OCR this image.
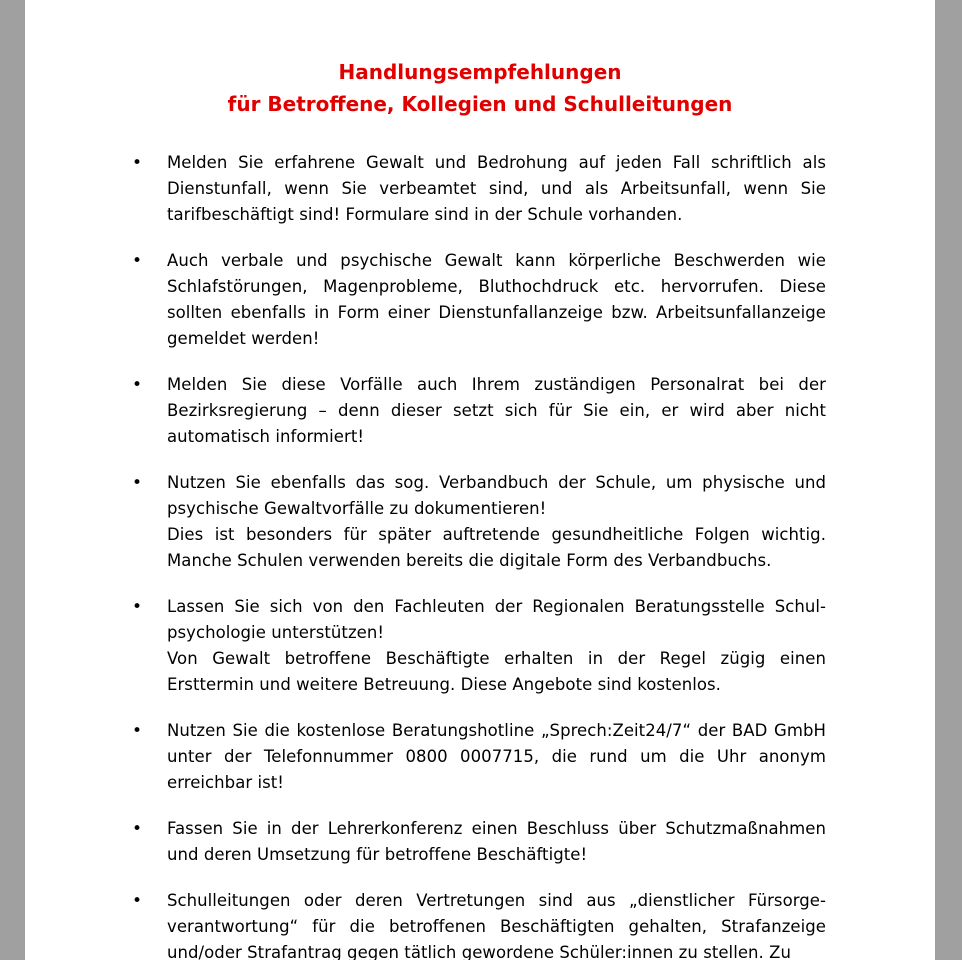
Handlungsempfehlungen
für Betroffene, Kollegien und Schulleitungen
• Melden Sie erfahrene Gewalt und Bedrohung auf jeden Fall schriftlich als Dienstunfall, wenn Sie verbeamtet sind, und als Arbeitsunfall, wenn Sie tarifbeschäftigt sind! Formulare sind in der Schule vorhanden.

• Auch verbale und psychische Gewalt kann körperliche Beschwerden wie Schlafstörungen, Magenprobleme, Bluthochdruck etc. hervorrufen. Diese sollten ebenfalls in Form einer Dienstunfallanzeige bzw. Arbeitsunfallanzeige gemeldet werden!

• Melden Sie diese Vorfälle auch Ihrem zuständigen Personalrat bei der Bezirksregierung – denn dieser setzt sich für Sie ein, er wird aber nicht automatisch informiert!

• Nutzen Sie ebenfalls das sog. Verbandbuch der Schule, um physische und psychische Gewaltvorfälle zu dokumentieren!

Dies ist besonders für später auftretende gesundheitliche Folgen wichtig. Manche Schulen verwenden bereits die digitale Form des Verbandbuchs.

• Lassen Sie sich von den Fachleuten der Regionalen Beratungsstelle Schul-psychologie unterstützen!

Von Gewalt betroffene Beschäftigte erhalten in der Regel zügig einen Ersttermin und weitere Betreuung. Diese Angebote sind kostenlos.

• Nutzen Sie die kostenlose Beratungshotline „Sprech:Zeit24/7“ der BAD GmbH unter der Telefonnummer 0800 0007715, die rund um die Uhr anonym erreichbar ist!

• Fassen Sie in der Lehrerkonferenz einen Beschluss über Schutzmaßnahmen und deren Umsetzung für betroffene Beschäftigte!

• Schulleitungen oder deren Vertretungen sind aus „dienstlicher Fürsorge-verantwortung“ für die betroffenen Beschäftigten gehalten, Strafanzeige und/oder Strafantrag gegen tätlich gewordene Schüler:innen zu stellen. Zu
